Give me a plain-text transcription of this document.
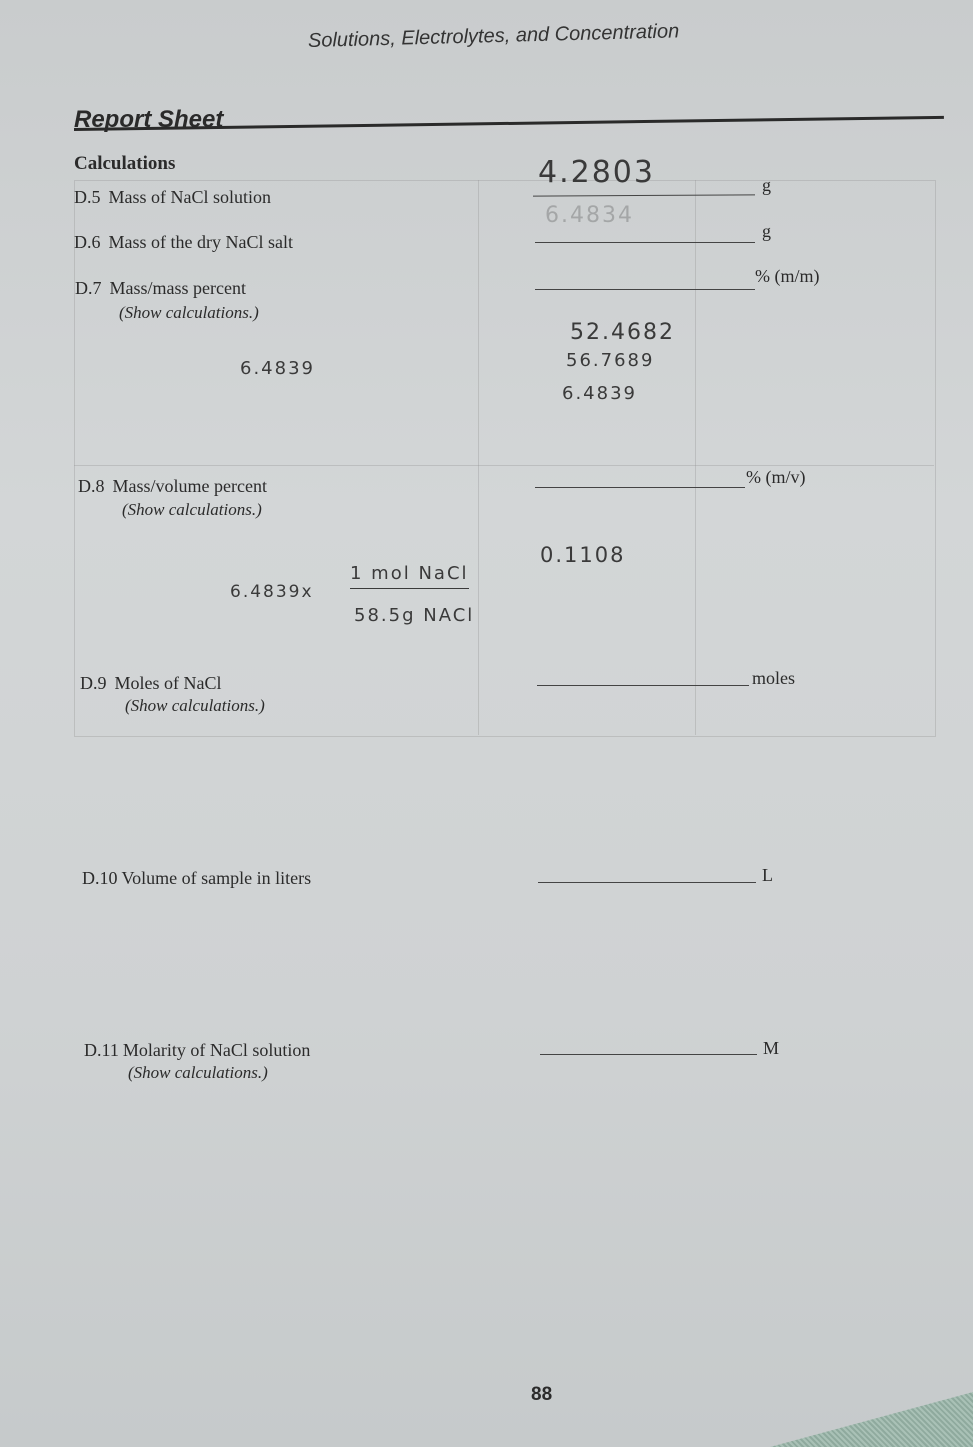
Solutions, Electrolytes, and Concentration
Report Sheet
Calculations
D.5 Mass of NaCl solution
4.2803	g
D.6 Mass of the dry NaCl salt
6.4834
g
D.7 Mass/mass percent
(Show calculations.)
% (m/m)
6.4839
52.4682
56.7689
6.4839
D.8 Mass/volume percent
(Show calculations.)
% (m/v)
0.1108
6.4839x
1 mol NaCl
58.5g NACl
D.9 Moles of NaCl
(Show calculations.)
moles
D.10 Volume of sample in liters	L
D.11 Molarity of NaCl solution
(Show calculations.)
M
88
